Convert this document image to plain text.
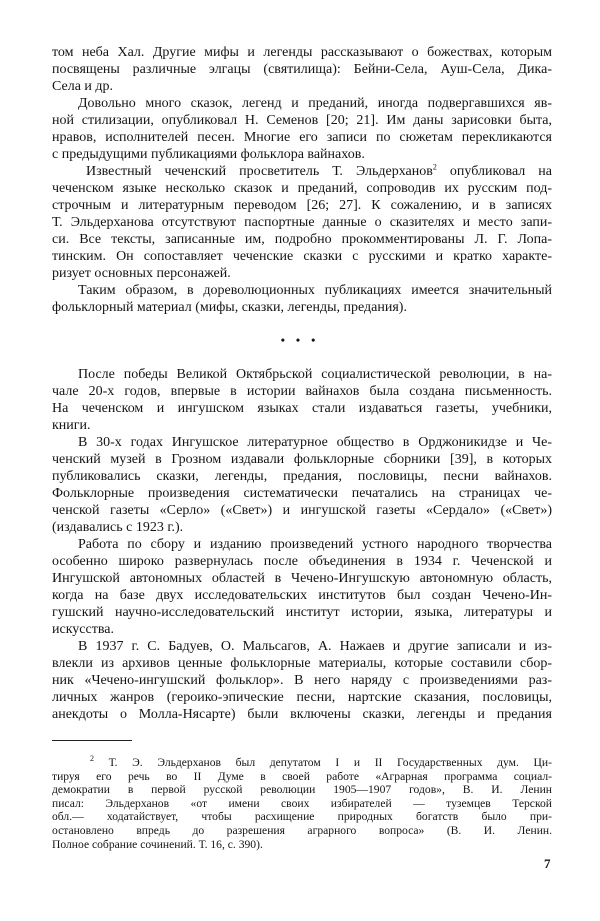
том неба Хал. Другие мифы и легенды рассказывают о божествах, которым
посвящены различные элгацы (святилища): Бейни-Села, Ауш-Села, Дика-
Села и др.
Довольно много сказок, легенд и преданий, иногда подвергавшихся яв-
ной стилизации, опубликовал Н. Семенов [20; 21]. Им даны зарисовки быта,
нравов, исполнителей песен. Многие его записи по сюжетам перекликаются
с предыдущими публикациями фольклора вайнахов.
Известный чеченский просветитель Т. Эльдерханов$^2$ опубликовал на
чеченском языке несколько сказок и преданий, сопроводив их русским под-
строчным и литературным переводом [26; 27]. К сожалению, и в записях
Т. Эльдерханова отсутствуют паспортные данные о сказителях и место запи-
си. Все тексты, записанные им, подробно прокомментированы Л. Г. Лопа-
тинским. Он сопоставляет чеченские сказки с русскими и кратко характе-
ризует основных персонажей.
Таким образом, в дореволюционных публикациях имеется значительный
фольклорный материал (мифы, сказки, легенды, предания).
• • •
После победы Великой Октябрьской социалистической революции, в на-
чале 20-х годов, впервые в истории вайнахов была создана письменность.
На чеченском и ингушском языках стали издаваться газеты, учебники,
книги.
В 30-х годах Ингушское литературное общество в Орджоникидзе и Че-
ченский музей в Грозном издавали фольклорные сборники [39], в которых
публиковались сказки, легенды, предания, пословицы, песни вайнахов.
Фольклорные произведения систематически печатались на страницах че-
ченской газеты «Серло» («Свет») и ингушской газеты «Сердало» («Свет»)
(издавались с 1923 г.).
Работа по сбору и изданию произведений устного народного творчества
особенно широко развернулась после объединения в 1934 г. Чеченской и
Ингушской автономных областей в Чечено-Ингушскую автономную область,
когда на базе двух исследовательских институтов был создан Чечено-Ин-
гушский научно-исследовательский институт истории, языка, литературы и
искусства.
В 1937 г. С. Бадуев, О. Мальсагов, А. Нажаев и другие записали и из-
влекли из архивов ценные фольклорные материалы, которые составили сбор-
ник «Чечено-ингушский фольклор». В него наряду с произведениями раз-
личных жанров (героико-эпические песни, нартские сказания, пословицы,
анекдоты о Молла-Нясарте) были включены сказки, легенды и предания
$^2$ Т. Э. Эльдерханов был депутатом I и II Государственных дум. Ци-
тируя его речь во II Думе в своей работе «Аграрная программа социал-
демократии в первой русской революции 1905—1907 годов», В. И. Ленин
писал: Эльдерханов «от имени своих избирателей — туземцев Терской
обл.— ходатайствует, чтобы расхищение природных богатств было при-
остановлено впредь до разрешения аграрного вопроса» (В. И. Ленин.
Полное собрание сочинений. Т. 16, с. 390).
7
